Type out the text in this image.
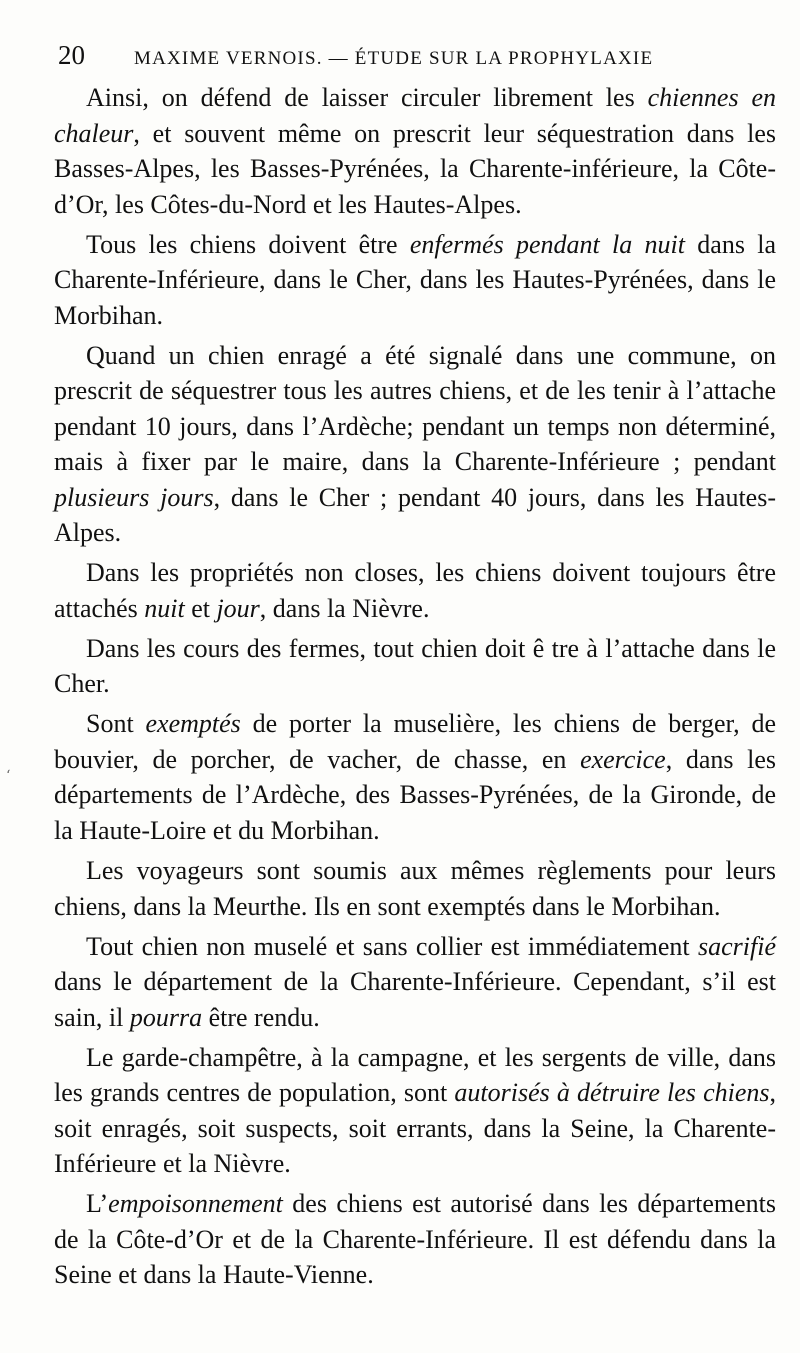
20	MAXIME VERNOIS. — ÉTUDE SUR LA PROPHYLAXIE
‘

Ainsi, on défend de laisser circuler librement les chiennes en chaleur, et souvent même on prescrit leur séquestration dans les Basses-Alpes, les Basses-Pyrénées, la Charente-inférieure, la Côte-d’Or, les Côtes-du-Nord et les Hautes-Alpes.

Tous les chiens doivent être enfermés pendant la nuit dans la Charente-Inférieure, dans le Cher, dans les Hautes-Pyrénées, dans le Morbihan.

Quand un chien enragé a été signalé dans une commune, on prescrit de séquestrer tous les autres chiens, et de les tenir à l’attache pendant 10 jours, dans l’Ardèche; pendant un temps non déterminé, mais à fixer par le maire, dans la Charente-Inférieure ; pendant plusieurs jours, dans le Cher ; pendant 40 jours, dans les Hautes-Alpes.

Dans les propriétés non closes, les chiens doivent toujours être attachés nuit et jour, dans la Nièvre.

Dans les cours des fermes, tout chien doit ê tre à l’attache dans le Cher.

Sont exemptés de porter la muselière, les chiens de berger, de bouvier, de porcher, de vacher, de chasse, en exercice, dans les départements de l’Ardèche, des Basses-Pyrénées, de la Gironde, de la Haute-Loire et du Morbihan.

Les voyageurs sont soumis aux mêmes règlements pour leurs chiens, dans la Meurthe. Ils en sont exemptés dans le Morbihan.

Tout chien non muselé et sans collier est immédiatement sacrifié dans le département de la Charente-Inférieure. Cependant, s’il est sain, il pourra être rendu.

Le garde-champêtre, à la campagne, et les sergents de ville, dans les grands centres de population, sont autorisés à détruire les chiens, soit enragés, soit suspects, soit errants, dans la Seine, la Charente-Inférieure et la Nièvre.

L’empoisonnement des chiens est autorisé dans les départements de la Côte-d’Or et de la Charente-Inférieure. Il est défendu dans la Seine et dans la Haute-Vienne.
